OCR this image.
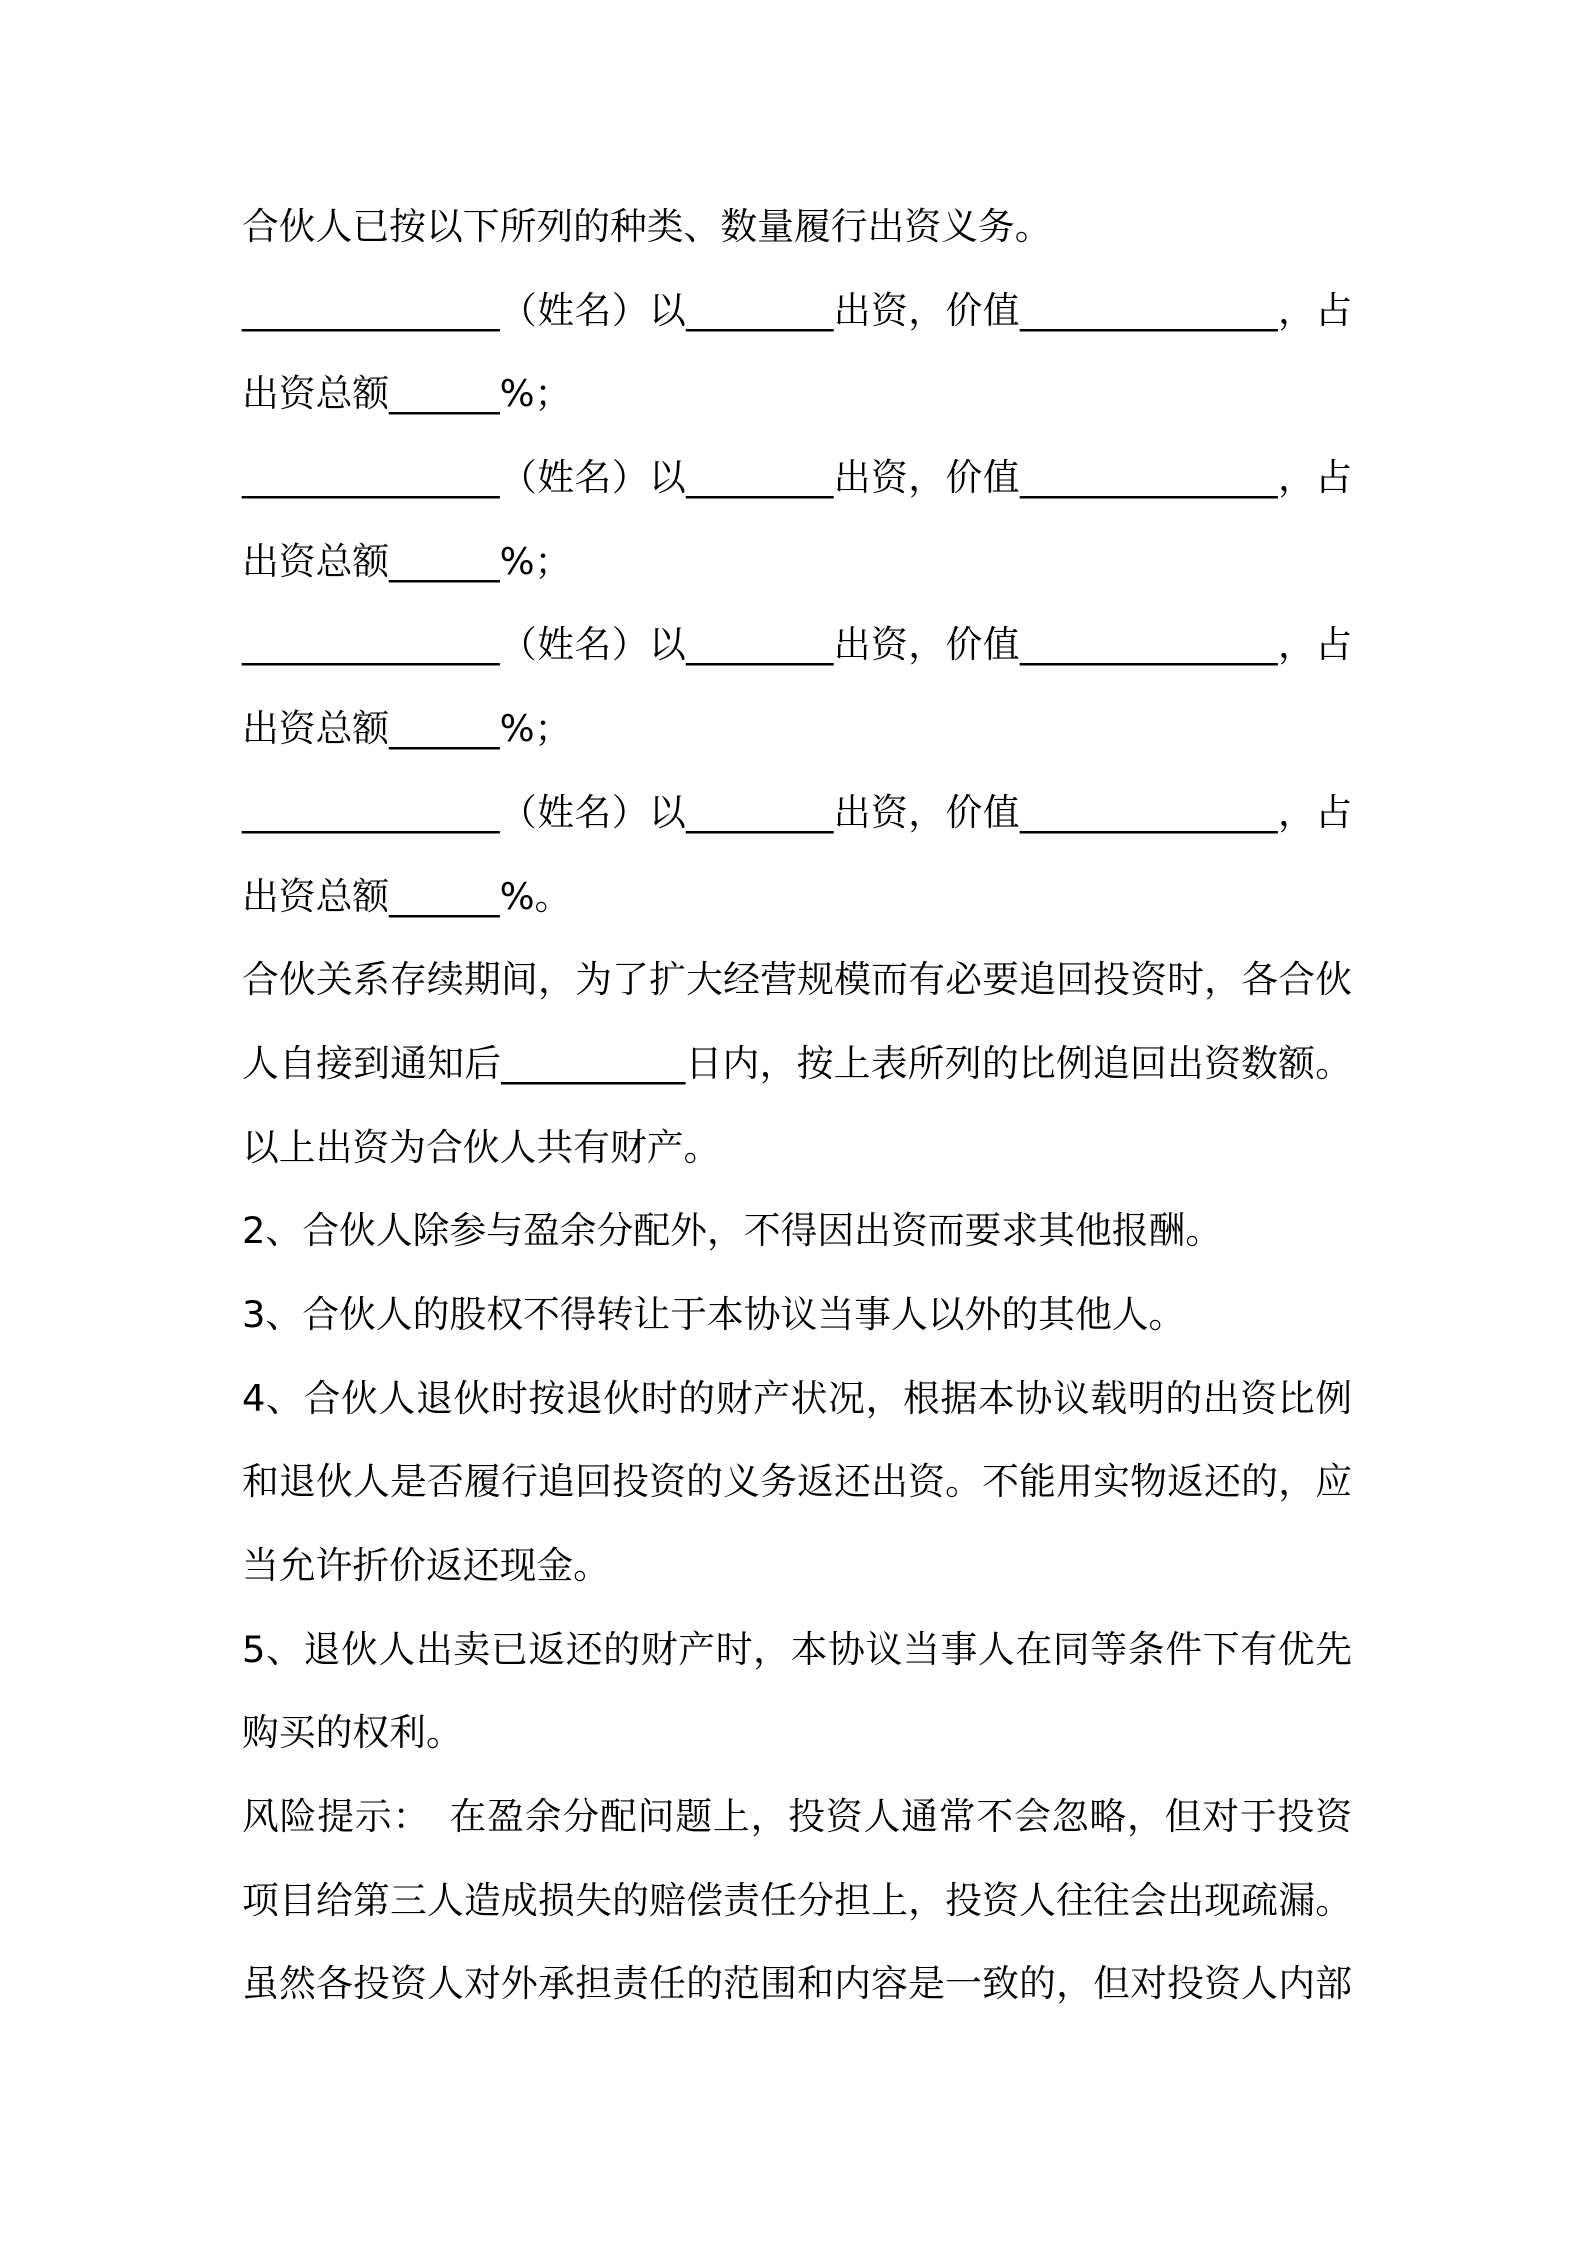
合伙人已按以下所列的种类、数量履行出资义务。
______________（姓名）以________出资，价值______________，占
出资总额______%；
______________（姓名）以________出资，价值______________，占
出资总额______%；
______________（姓名）以________出资，价值______________，占
出资总额______%；
______________（姓名）以________出资，价值______________，占
出资总额______%。
合伙关系存续期间，为了扩大经营规模而有必要追回投资时，各合伙
人自接到通知后__________日内，按上表所列的比例追回出资数额。
以上出资为合伙人共有财产。
2、合伙人除参与盈余分配外，不得因出资而要求其他报酬。
3、合伙人的股权不得转让于本协议当事人以外的其他人。
4、合伙人退伙时按退伙时的财产状况，根据本协议载明的出资比例
和退伙人是否履行追回投资的义务返还出资。不能用实物返还的，应
当允许折价返还现金。
5、退伙人出卖已返还的财产时，本协议当事人在同等条件下有优先
购买的权利。
风险提示：　在盈余分配问题上，投资人通常不会忽略，但对于投资
项目给第三人造成损失的赔偿责任分担上，投资人往往会出现疏漏。
虽然各投资人对外承担责任的范围和内容是一致的，但对投资人内部
